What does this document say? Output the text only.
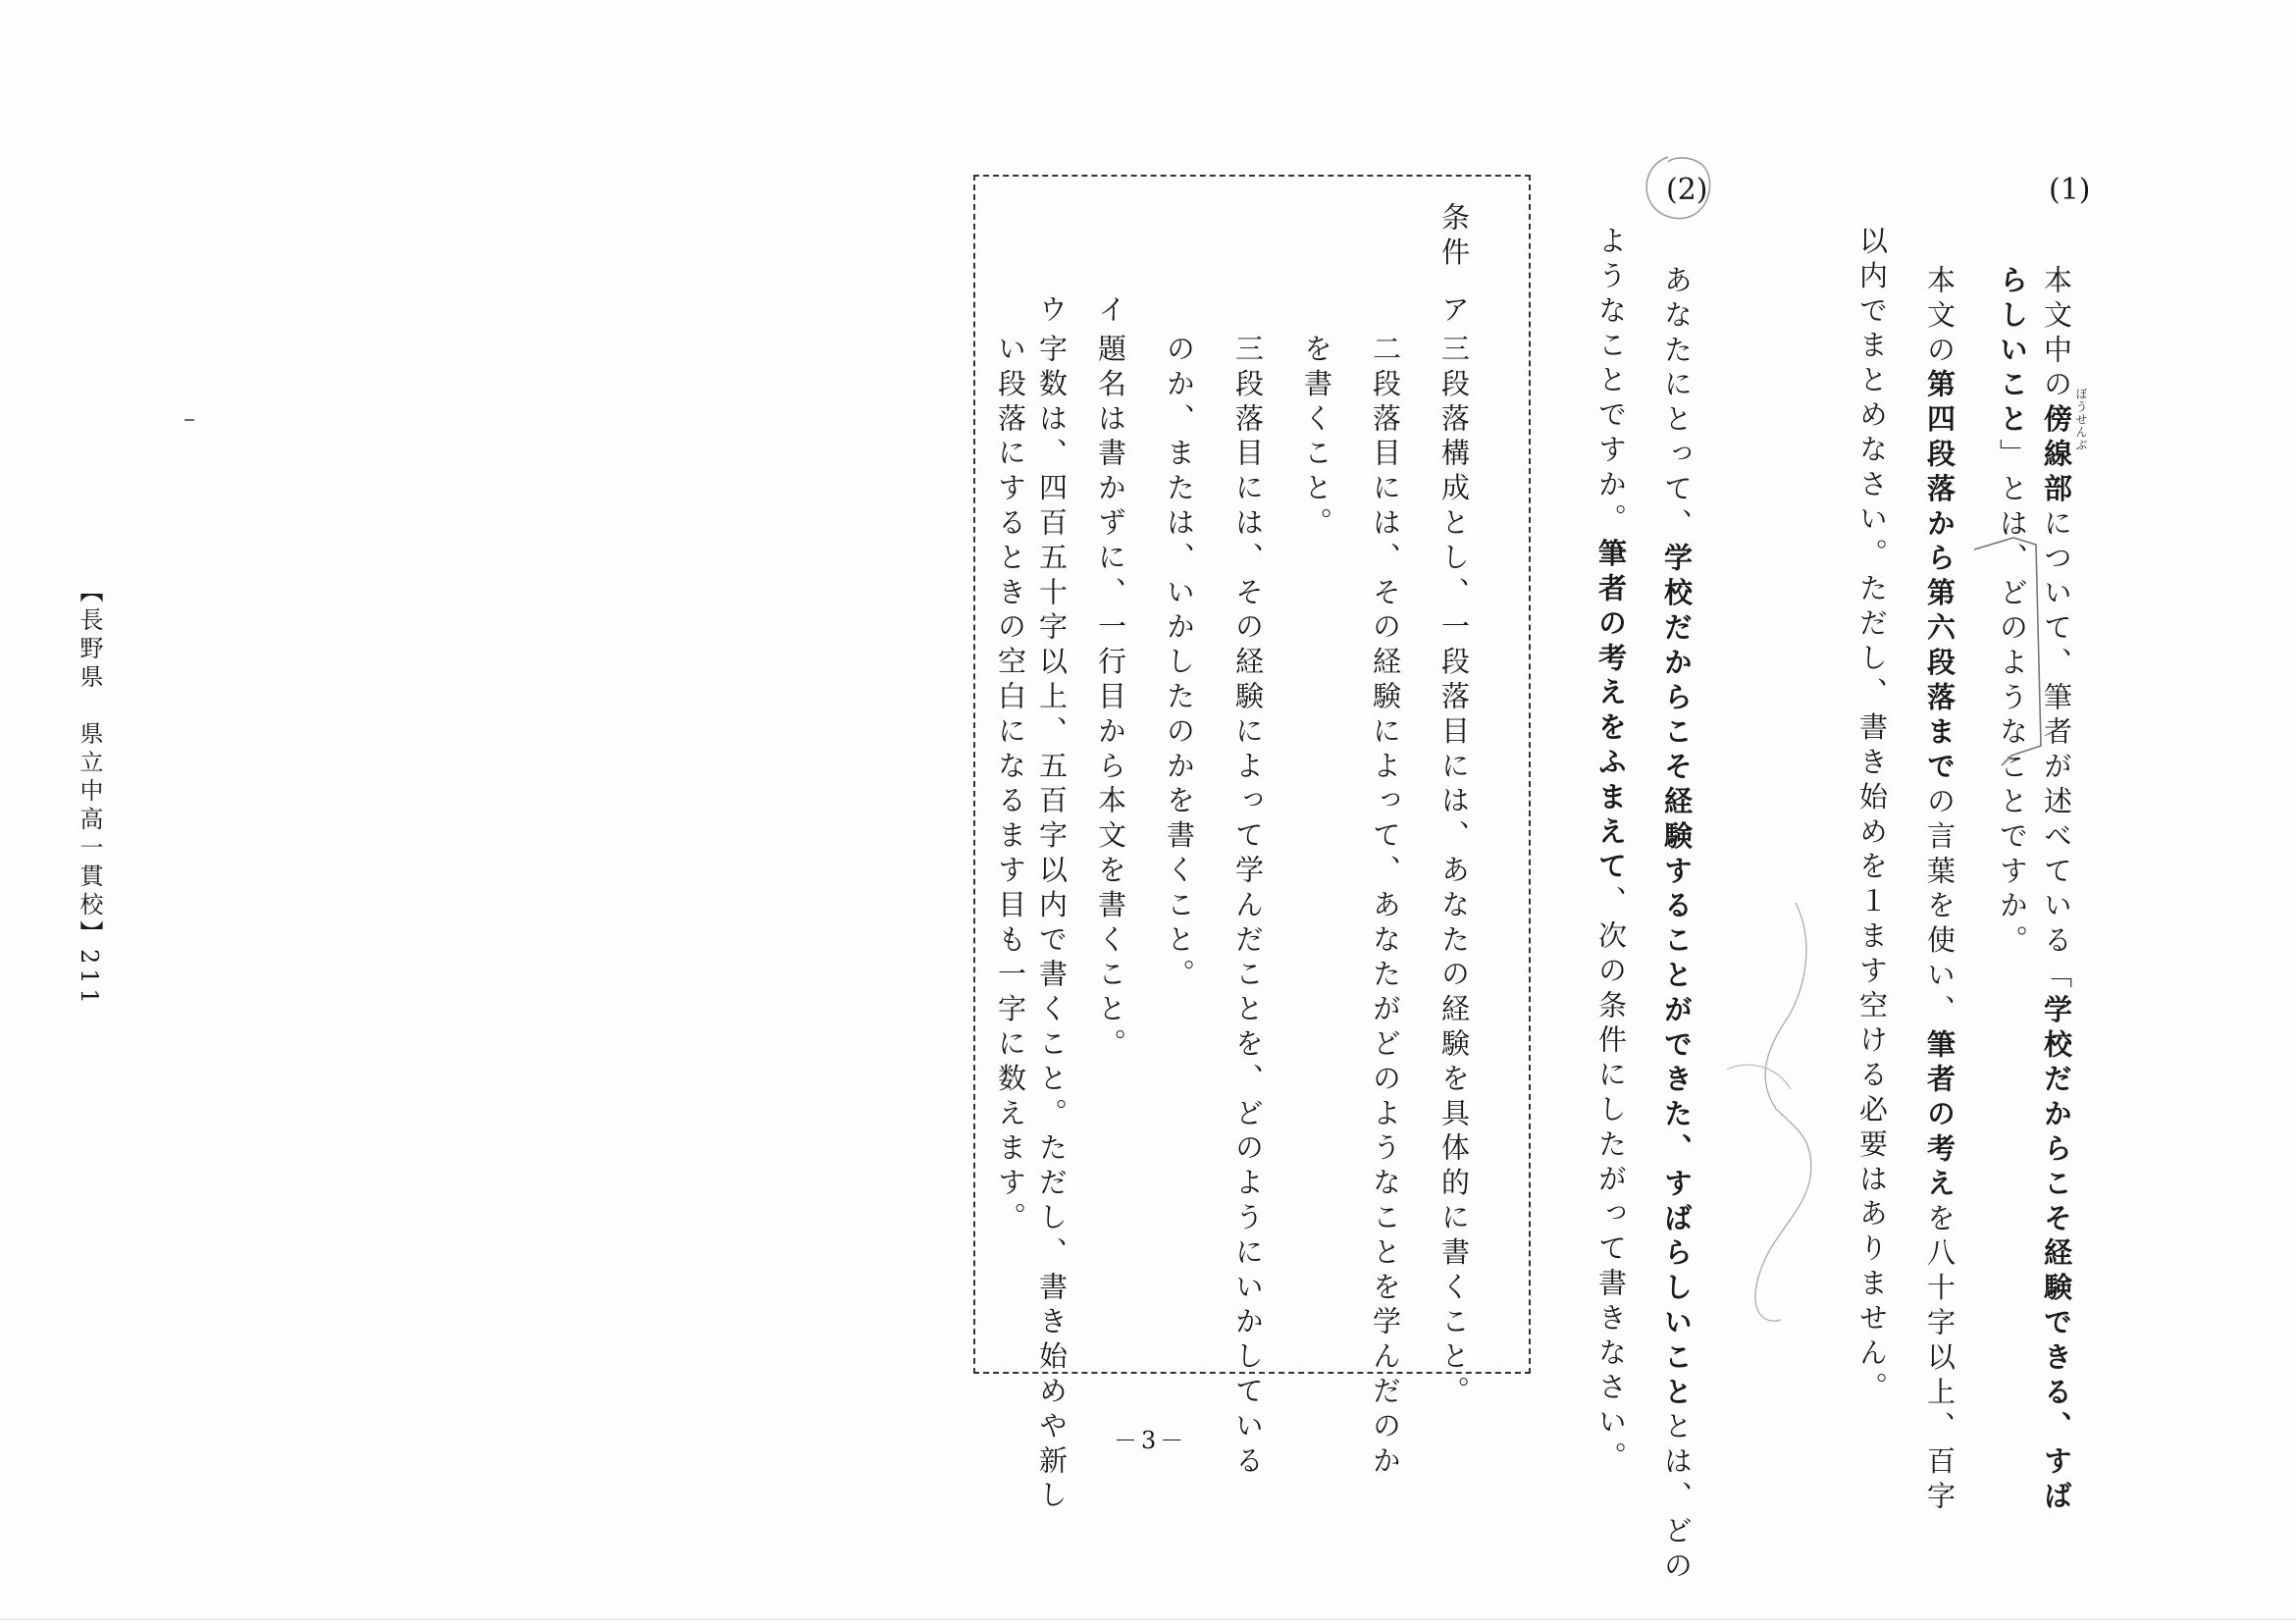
(1)
本文中の傍線部について、筆者が述べている「学校だからこそ経験できる、すば
ぼうせんぶ
らしいこと」とは、どのようなことですか。
本文の第四段落から第六段落までの言葉を使い、筆者の考えを八十字以上、百字
以内でまとめなさい。ただし、書き始めを１ます空ける必要はありません。
(2)
あなたにとって、学校だからこそ経験することができた、すばらしいこととは、どの
ようなことですか。筆者の考えをふまえて、次の条件にしたがって書きなさい。
条件
ア
三段落構成とし、一段落目には、あなたの経験を具体的に書くこと。
二段落目には、その経験によって、あなたがどのようなことを学んだのか
を書くこと。
三段落目には、その経験によって学んだことを、どのようにいかしている
のか、または、いかしたのかを書くこと。
イ
題名は書かずに、一行目から本文を書くこと。
ウ
字数は、四百五十字以上、五百字以内で書くこと。ただし、書き始めや新し
い段落にするときの空白になるます目も一字に数えます。
－3－
【長野県　県立中高一貫校】211
